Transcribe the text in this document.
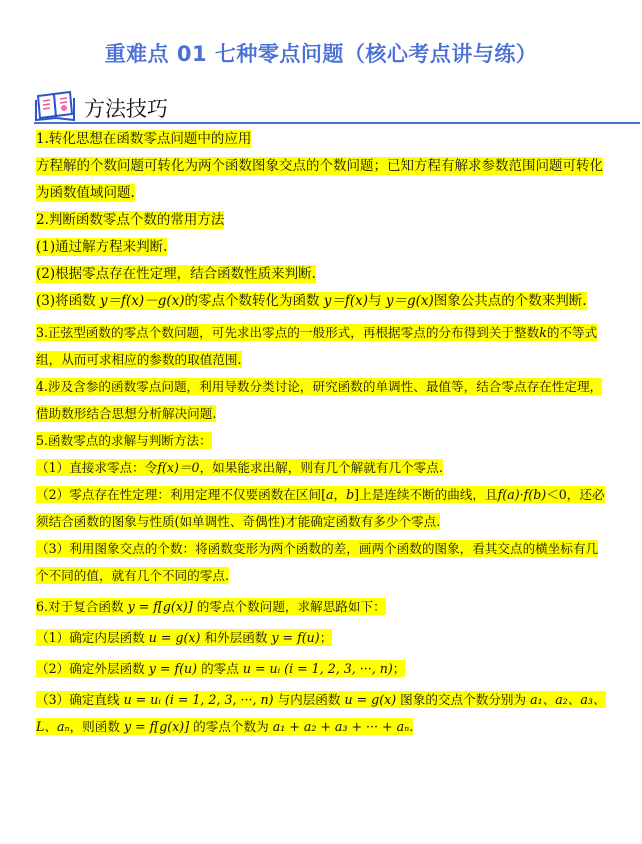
重难点 01 七种零点问题（核心考点讲与练）
方法技巧

1.转化思想在函数零点问题中的应用

方程解的个数问题可转化为两个函数图象交点的个数问题；已知方程有解求参数范围问题可转化为函数值域问题.

2.判断函数零点个数的常用方法

(1)通过解方程来判断.

(2)根据零点存在性定理，结合函数性质来判断.

(3)将函数 y＝f(x)－g(x)的零点个数转化为函数 y＝f(x)与 y＝g(x)图象公共点的个数来判断.

3.正弦型函数的零点个数问题，可先求出零点的一般形式，再根据零点的分布得到关于整数k的不等式组，从而可求相应的参数的取值范围.

4.涉及含参的函数零点问题，利用导数分类讨论，研究函数的单调性、最值等，结合零点存在性定理，借助数形结合思想分析解决问题.

5.函数零点的求解与判断方法：

（1）直接求零点：令f(x)＝0，如果能求出解，则有几个解就有几个零点.

（2）零点存在性定理：利用定理不仅要函数在区间[a，b]上是连续不断的曲线，且f(a)·f(b)＜0，还必须结合函数的图象与性质(如单调性、奇偶性)才能确定函数有多少个零点.

（3）利用图象交点的个数：将函数变形为两个函数的差，画两个函数的图象，看其交点的横坐标有几个不同的值，就有几个不同的零点.

6.对于复合函数 y = f[g(x)] 的零点个数问题，求解思路如下：

（1）确定内层函数 u = g(x) 和外层函数 y = f(u)；

（2）确定外层函数 y = f(u) 的零点 u = uᵢ (i = 1, 2, 3, ···, n)；

（3）确定直线 u = uᵢ (i = 1, 2, 3, ···, n) 与内层函数 u = g(x) 图象的交点个数分别为 a₁、a₂、a₃、L、aₙ，则函数 y = f[g(x)] 的零点个数为 a₁ + a₂ + a₃ + ··· + aₙ.
